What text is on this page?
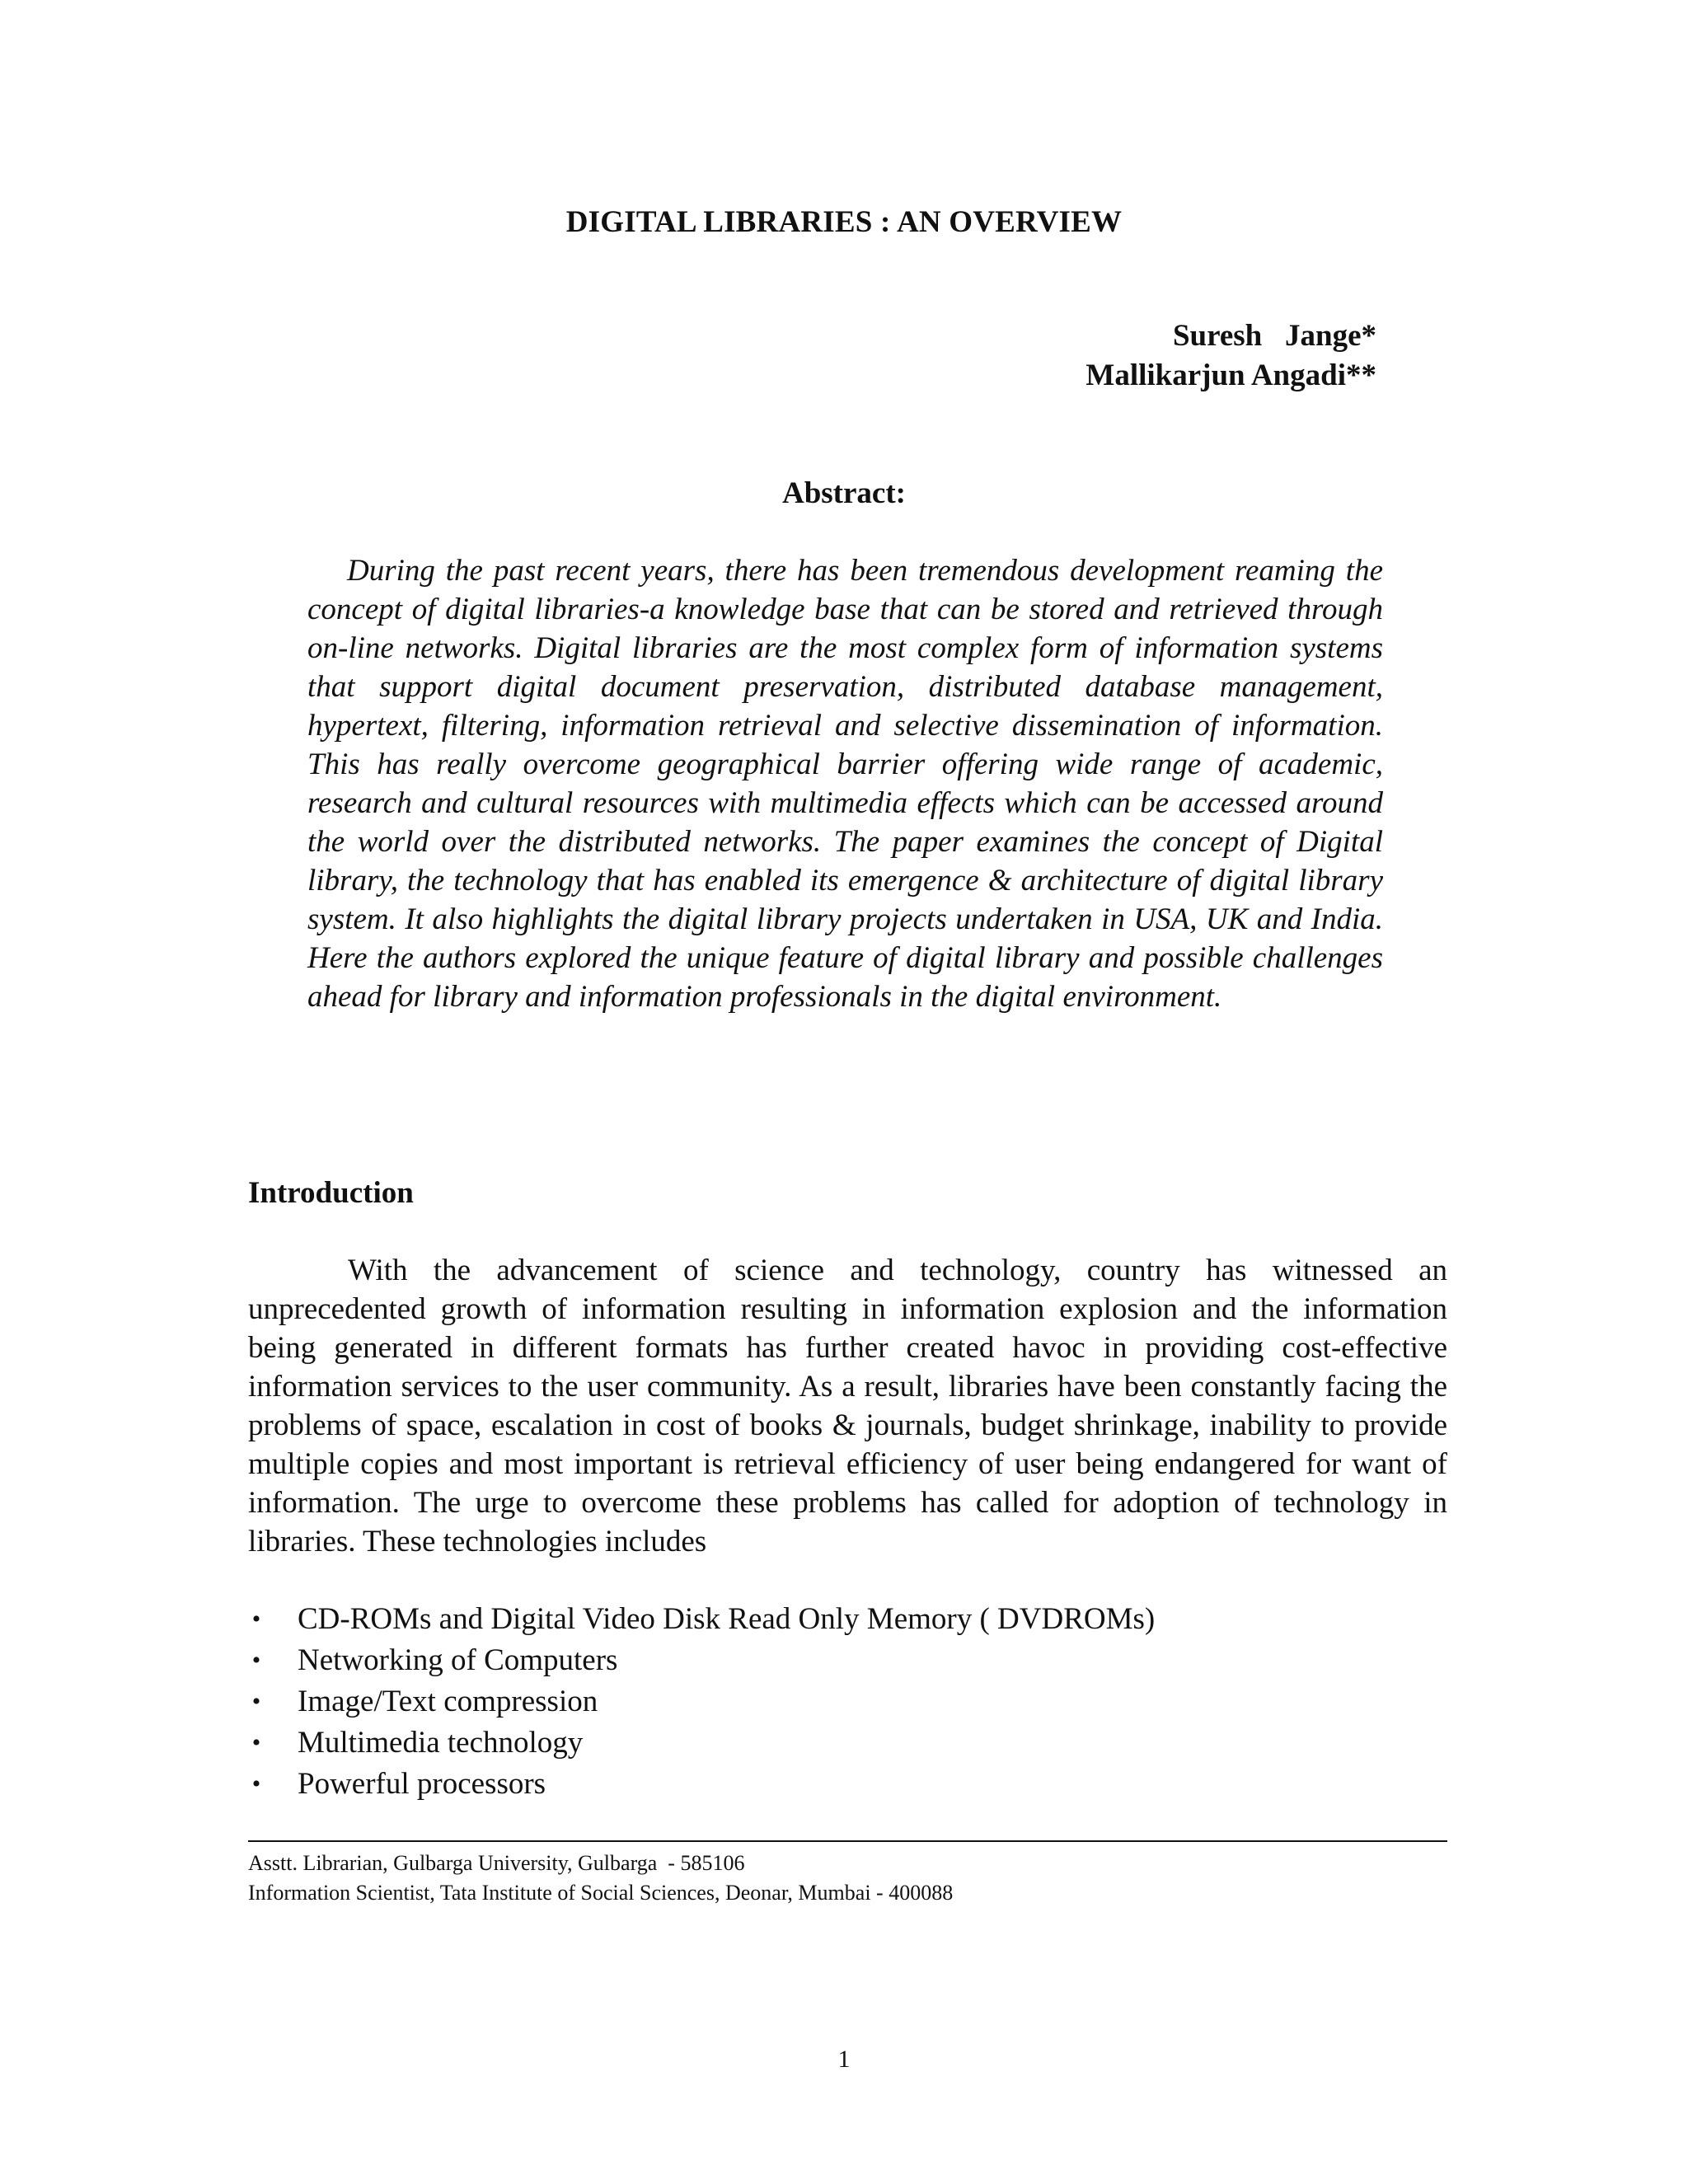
DIGITAL LIBRARIES : AN OVERVIEW
Suresh   Jange*
Mallikarjun Angadi**
Abstract:

During the past recent years, there has been tremendous development reaming the concept of digital libraries-a knowledge base that can be stored and retrieved through on-line networks. Digital libraries are the most complex form of information systems that support digital document preservation, distributed database management, hypertext, filtering, information retrieval and selective dissemination of information. This has really overcome geographical barrier offering wide range of academic, research and cultural resources with multimedia effects which can be accessed around the world over the distributed networks. The paper examines the concept of Digital library, the technology that has enabled its emergence & architecture of digital library system. It also highlights the digital library projects undertaken in USA, UK and India. Here the authors explored the unique feature of digital library and possible challenges ahead for library and information professionals in the digital environment.

Introduction

With the advancement of science and technology, country has witnessed an unprecedented growth of information resulting in information explosion and the information being generated in different formats has further created havoc in providing cost-effective information services to the user community. As a result, libraries have been constantly facing the problems of space, escalation in cost of books & journals, budget shrinkage, inability to provide multiple copies and most important is retrieval efficiency of user being endangered for want of information. The urge to overcome these problems has called for adoption of technology in libraries. These technologies includes

• CD-ROMs and Digital Video Disk Read Only Memory ( DVDROMs)
• Networking of Computers
• Image/Text compression
• Multimedia technology
• Powerful processors
Asstt. Librarian, Gulbarga University, Gulbarga  - 585106
Information Scientist, Tata Institute of Social Sciences, Deonar, Mumbai - 400088
1
